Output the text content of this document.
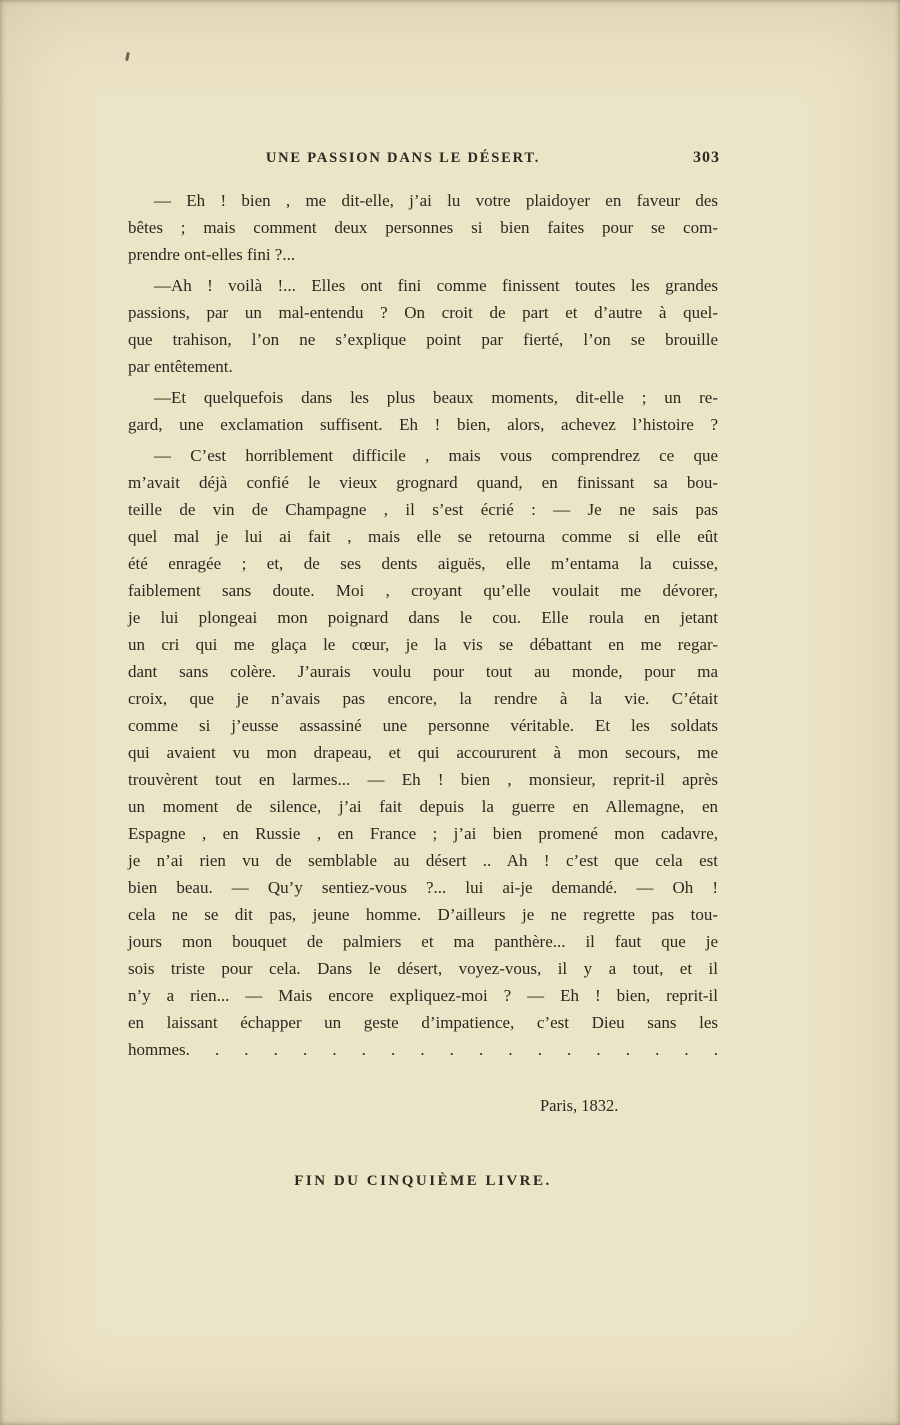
UNE PASSION DANS LE DÉSERT.	303
— Eh ! bien , me dit-elle, j’ai lu votre plaidoyer en faveur des
bêtes ; mais comment deux personnes si bien faites pour se com-
prendre ont-elles fini ?...
—Ah ! voilà !... Elles ont fini comme finissent toutes les grandes
passions, par un mal-entendu ? On croit de part et d’autre à quel-
que trahison, l’on ne s’explique point par fierté, l’on se brouille
par entêtement.
—Et quelquefois dans les plus beaux moments, dit-elle ; un re-
gard, une exclamation suffisent. Eh ! bien, alors, achevez l’histoire ?
— C’est horriblement difficile , mais vous comprendrez ce que
m’avait déjà confié le vieux grognard quand, en finissant sa bou-
teille de vin de Champagne , il s’est écrié : — Je ne sais pas
quel mal je lui ai fait , mais elle se retourna comme si elle eût
été enragée ; et, de ses dents aiguës, elle m’entama la cuisse,
faiblement sans doute. Moi , croyant qu’elle voulait me dévorer,
je lui plongeai mon poignard dans le cou. Elle roula en jetant
un cri qui me glaça le cœur, je la vis se débattant en me regar-
dant sans colère. J’aurais voulu pour tout au monde, pour ma
croix, que je n’avais pas encore, la rendre à la vie. C’était
comme si j’eusse assassiné une personne véritable. Et les soldats
qui avaient vu mon drapeau, et qui accoururent à mon secours, me
trouvèrent tout en larmes... — Eh ! bien , monsieur, reprit-il après
un moment de silence, j’ai fait depuis la guerre en Allemagne, en
Espagne , en Russie , en France ; j’ai bien promené mon cadavre,
je n’ai rien vu de semblable au désert .. Ah ! c’est que cela est
bien beau. — Qu’y sentiez-vous ?... lui ai-je demandé. — Oh !
cela ne se dit pas, jeune homme. D’ailleurs je ne regrette pas tou-
jours mon bouquet de palmiers et ma panthère... il faut que je
sois triste pour cela. Dans le désert, voyez-vous, il y a tout, et il
n’y a rien... — Mais encore expliquez-moi ? — Eh ! bien, reprit-il
en laissant échapper un geste d’impatience, c’est Dieu sans les
hommes. . . . . . . . . . . . . . . . . . .
Paris, 1832.
FIN DU CINQUIÈME LIVRE.
